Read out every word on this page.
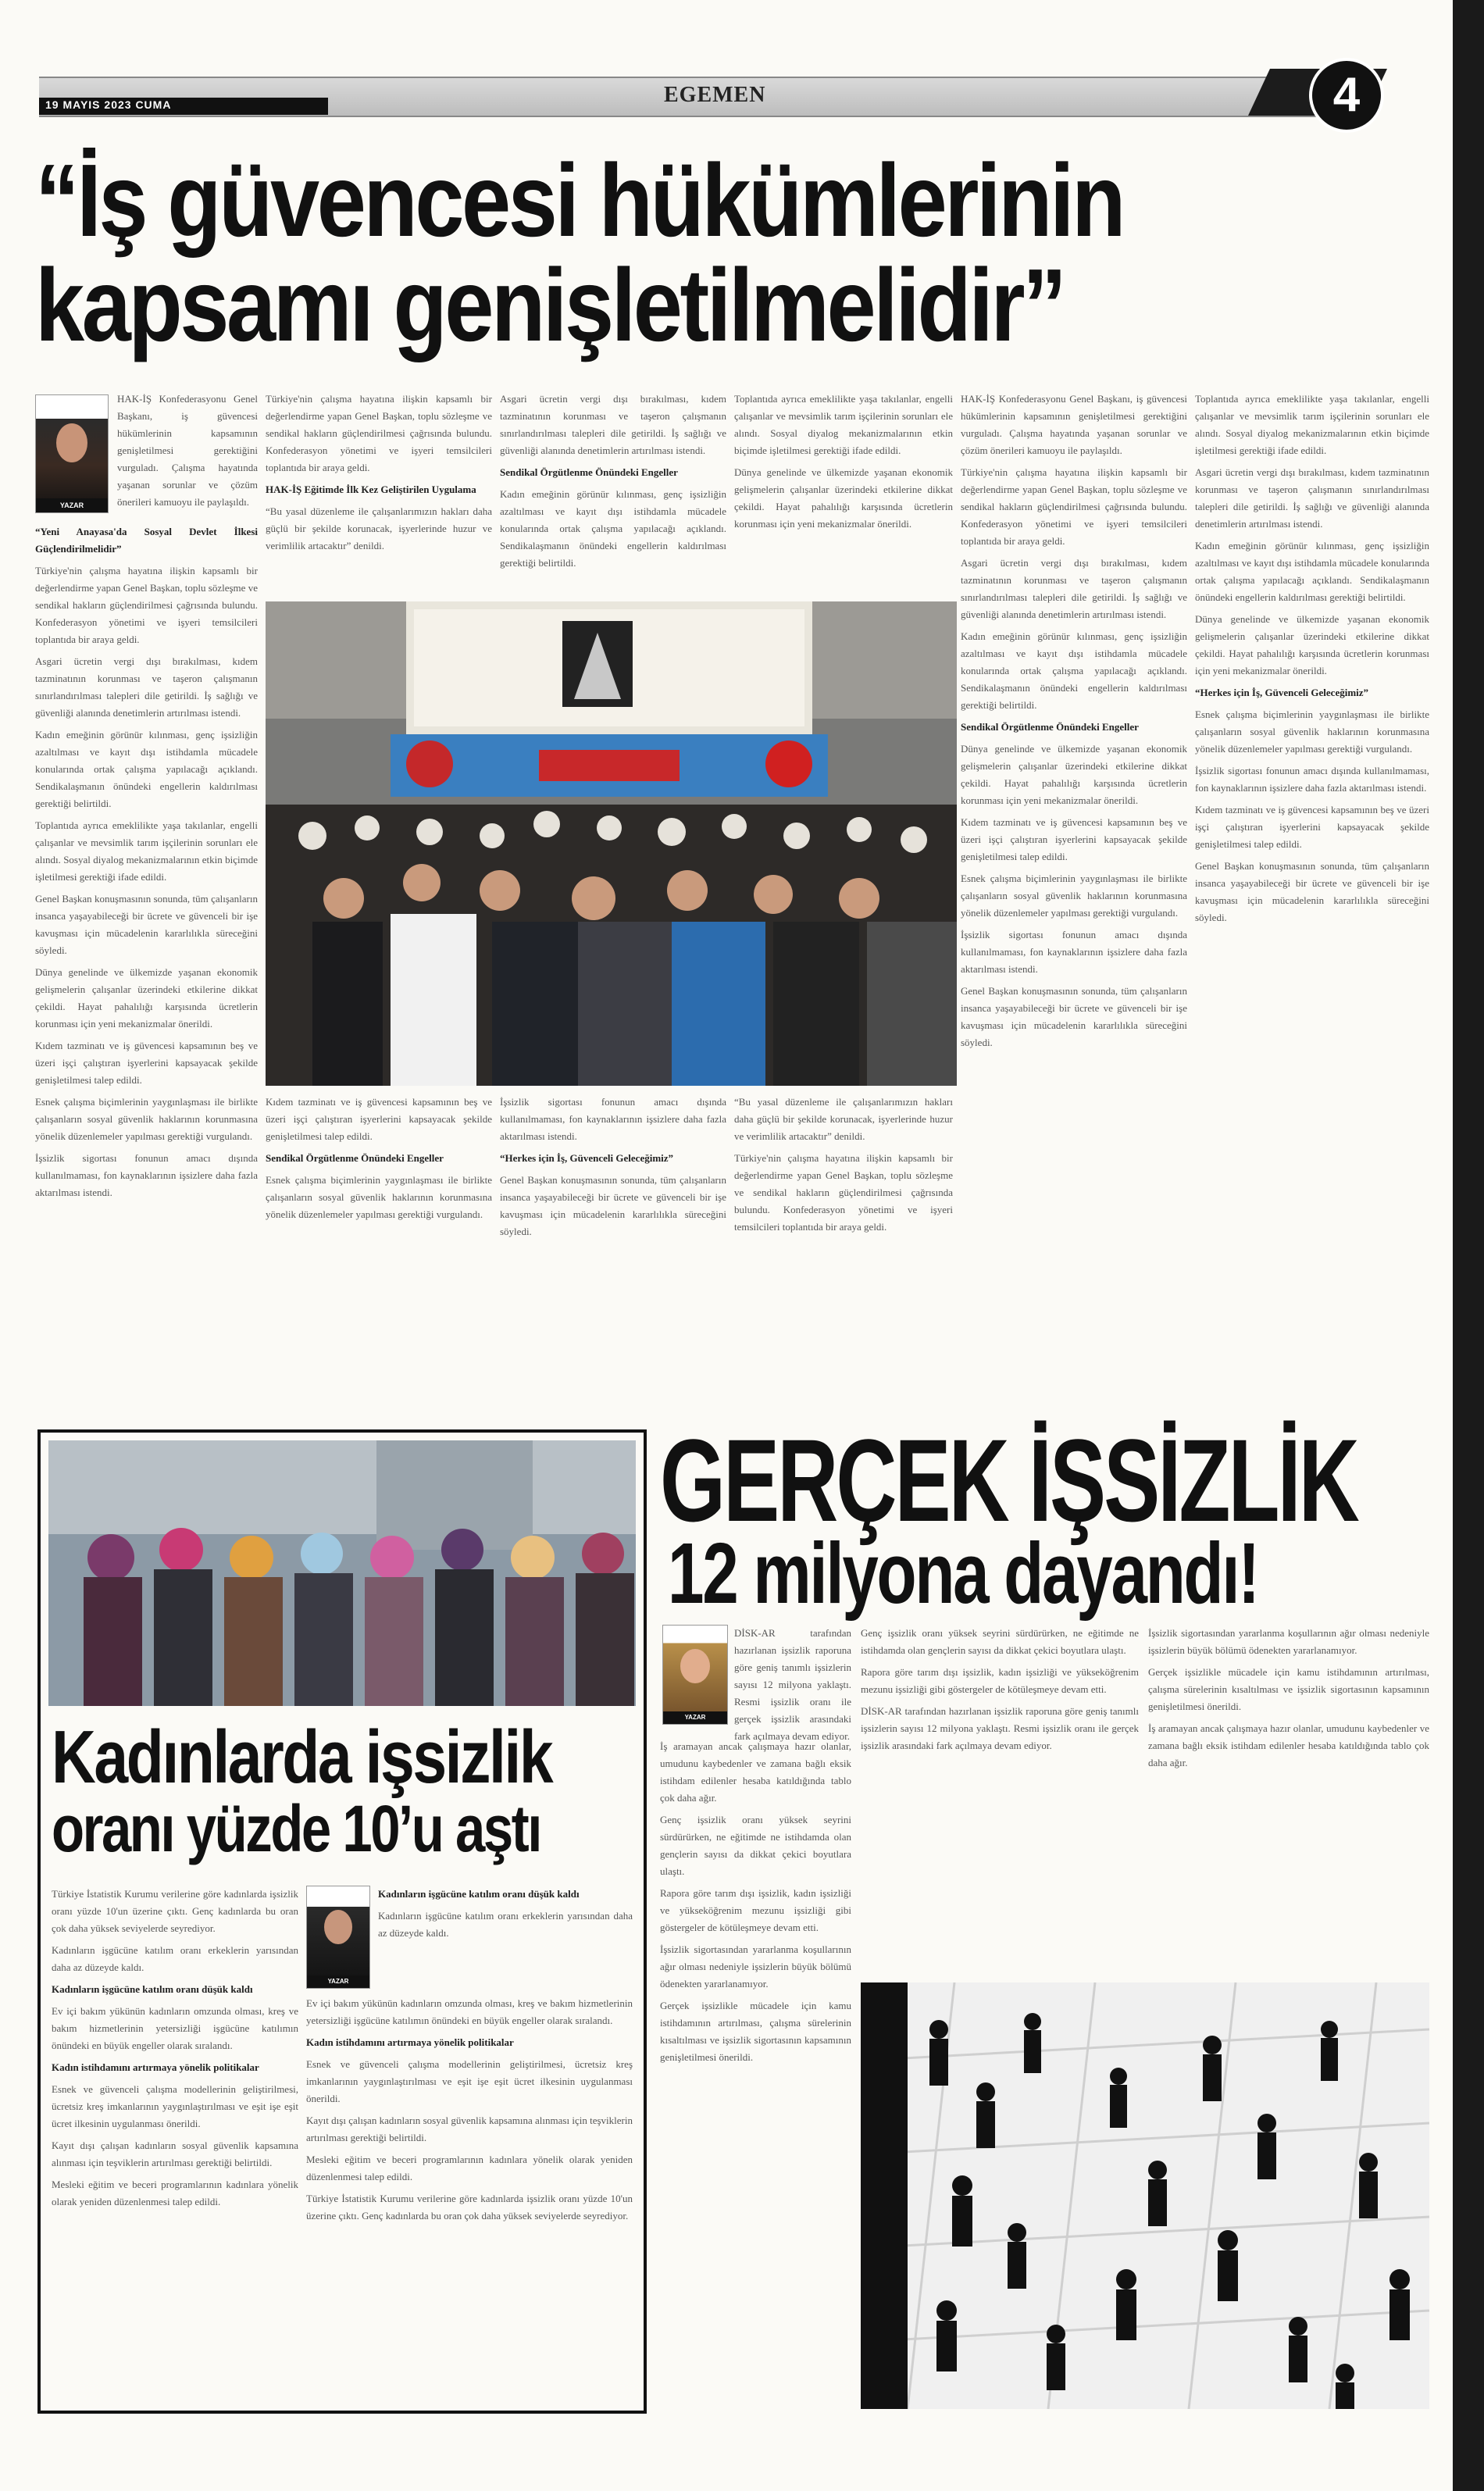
19 MAYIS 2023 CUMA	EGEMEN	4
“İş güvencesi hükümlerinin
kapsamı genişletilmelidir”
YAZAR

HAK-İŞ Konfederasyonu Genel Başkanı, iş güvencesi hükümlerinin kapsamının genişletilmesi gerektiğini vurguladı. Çalışma hayatında yaşanan sorunlar ve çözüm önerileri kamuoyu ile paylaşıldı.

“Yeni Anayasa'da Sosyal Devlet İlkesi Güçlendirilmelidir”

Türkiye'nin çalışma hayatına ilişkin kapsamlı bir değerlendirme yapan Genel Başkan, toplu sözleşme ve sendikal hakların güçlendirilmesi çağrısında bulundu. Konfederasyon yönetimi ve işyeri temsilcileri toplantıda bir araya geldi.

Asgari ücretin vergi dışı bırakılması, kıdem tazminatının korunması ve taşeron çalışmanın sınırlandırılması talepleri dile getirildi. İş sağlığı ve güvenliği alanında denetimlerin artırılması istendi.

Kadın emeğinin görünür kılınması, genç işsizliğin azaltılması ve kayıt dışı istihdamla mücadele konularında ortak çalışma yapılacağı açıklandı. Sendikalaşmanın önündeki engellerin kaldırılması gerektiği belirtildi.

Toplantıda ayrıca emeklilikte yaşa takılanlar, engelli çalışanlar ve mevsimlik tarım işçilerinin sorunları ele alındı. Sosyal diyalog mekanizmalarının etkin biçimde işletilmesi gerektiği ifade edildi.

Genel Başkan konuşmasının sonunda, tüm çalışanların insanca yaşayabileceği bir ücrete ve güvenceli bir işe kavuşması için mücadelenin kararlılıkla süreceğini söyledi.

Dünya genelinde ve ülkemizde yaşanan ekonomik gelişmelerin çalışanlar üzerindeki etkilerine dikkat çekildi. Hayat pahalılığı karşısında ücretlerin korunması için yeni mekanizmalar önerildi.

Kıdem tazminatı ve iş güvencesi kapsamının beş ve üzeri işçi çalıştıran işyerlerini kapsayacak şekilde genişletilmesi talep edildi.

Esnek çalışma biçimlerinin yaygınlaşması ile birlikte çalışanların sosyal güvenlik haklarının korunmasına yönelik düzenlemeler yapılması gerektiği vurgulandı.

İşsizlik sigortası fonunun amacı dışında kullanılmaması, fon kaynaklarının işsizlere daha fazla aktarılması istendi.

Türkiye'nin çalışma hayatına ilişkin kapsamlı bir değerlendirme yapan Genel Başkan, toplu sözleşme ve sendikal hakların güçlendirilmesi çağrısında bulundu. Konfederasyon yönetimi ve işyeri temsilcileri toplantıda bir araya geldi.

HAK-İŞ Eğitimde İlk Kez Geliştirilen Uygulama

“Bu yasal düzenleme ile çalışanlarımızın hakları daha güçlü bir şekilde korunacak, işyerlerinde huzur ve verimlilik artacaktır” denildi.

Asgari ücretin vergi dışı bırakılması, kıdem tazminatının korunması ve taşeron çalışmanın sınırlandırılması talepleri dile getirildi. İş sağlığı ve güvenliği alanında denetimlerin artırılması istendi.

Sendikal Örgütlenme Önündeki Engeller

Kadın emeğinin görünür kılınması, genç işsizliğin azaltılması ve kayıt dışı istihdamla mücadele konularında ortak çalışma yapılacağı açıklandı. Sendikalaşmanın önündeki engellerin kaldırılması gerektiği belirtildi.

Toplantıda ayrıca emeklilikte yaşa takılanlar, engelli çalışanlar ve mevsimlik tarım işçilerinin sorunları ele alındı. Sosyal diyalog mekanizmalarının etkin biçimde işletilmesi gerektiği ifade edildi.

Dünya genelinde ve ülkemizde yaşanan ekonomik gelişmelerin çalışanlar üzerindeki etkilerine dikkat çekildi. Hayat pahalılığı karşısında ücretlerin korunması için yeni mekanizmalar önerildi.

HAK-İŞ Konfederasyonu Genel Başkanı, iş güvencesi hükümlerinin kapsamının genişletilmesi gerektiğini vurguladı. Çalışma hayatında yaşanan sorunlar ve çözüm önerileri kamuoyu ile paylaşıldı.

Türkiye'nin çalışma hayatına ilişkin kapsamlı bir değerlendirme yapan Genel Başkan, toplu sözleşme ve sendikal hakların güçlendirilmesi çağrısında bulundu. Konfederasyon yönetimi ve işyeri temsilcileri toplantıda bir araya geldi.

Asgari ücretin vergi dışı bırakılması, kıdem tazminatının korunması ve taşeron çalışmanın sınırlandırılması talepleri dile getirildi. İş sağlığı ve güvenliği alanında denetimlerin artırılması istendi.

Kadın emeğinin görünür kılınması, genç işsizliğin azaltılması ve kayıt dışı istihdamla mücadele konularında ortak çalışma yapılacağı açıklandı. Sendikalaşmanın önündeki engellerin kaldırılması gerektiği belirtildi.

Sendikal Örgütlenme Önündeki Engeller

Dünya genelinde ve ülkemizde yaşanan ekonomik gelişmelerin çalışanlar üzerindeki etkilerine dikkat çekildi. Hayat pahalılığı karşısında ücretlerin korunması için yeni mekanizmalar önerildi.

Kıdem tazminatı ve iş güvencesi kapsamının beş ve üzeri işçi çalıştıran işyerlerini kapsayacak şekilde genişletilmesi talep edildi.

Esnek çalışma biçimlerinin yaygınlaşması ile birlikte çalışanların sosyal güvenlik haklarının korunmasına yönelik düzenlemeler yapılması gerektiği vurgulandı.

İşsizlik sigortası fonunun amacı dışında kullanılmaması, fon kaynaklarının işsizlere daha fazla aktarılması istendi.

Genel Başkan konuşmasının sonunda, tüm çalışanların insanca yaşayabileceği bir ücrete ve güvenceli bir işe kavuşması için mücadelenin kararlılıkla süreceğini söyledi.

Toplantıda ayrıca emeklilikte yaşa takılanlar, engelli çalışanlar ve mevsimlik tarım işçilerinin sorunları ele alındı. Sosyal diyalog mekanizmalarının etkin biçimde işletilmesi gerektiği ifade edildi.

Asgari ücretin vergi dışı bırakılması, kıdem tazminatının korunması ve taşeron çalışmanın sınırlandırılması talepleri dile getirildi. İş sağlığı ve güvenliği alanında denetimlerin artırılması istendi.

Kadın emeğinin görünür kılınması, genç işsizliğin azaltılması ve kayıt dışı istihdamla mücadele konularında ortak çalışma yapılacağı açıklandı. Sendikalaşmanın önündeki engellerin kaldırılması gerektiği belirtildi.

Dünya genelinde ve ülkemizde yaşanan ekonomik gelişmelerin çalışanlar üzerindeki etkilerine dikkat çekildi. Hayat pahalılığı karşısında ücretlerin korunması için yeni mekanizmalar önerildi.

“Herkes için İş, Güvenceli Geleceğimiz”

Esnek çalışma biçimlerinin yaygınlaşması ile birlikte çalışanların sosyal güvenlik haklarının korunmasına yönelik düzenlemeler yapılması gerektiği vurgulandı.

İşsizlik sigortası fonunun amacı dışında kullanılmaması, fon kaynaklarının işsizlere daha fazla aktarılması istendi.

Kıdem tazminatı ve iş güvencesi kapsamının beş ve üzeri işçi çalıştıran işyerlerini kapsayacak şekilde genişletilmesi talep edildi.

Genel Başkan konuşmasının sonunda, tüm çalışanların insanca yaşayabileceği bir ücrete ve güvenceli bir işe kavuşması için mücadelenin kararlılıkla süreceğini söyledi.

Kıdem tazminatı ve iş güvencesi kapsamının beş ve üzeri işçi çalıştıran işyerlerini kapsayacak şekilde genişletilmesi talep edildi.

Sendikal Örgütlenme Önündeki Engeller

Esnek çalışma biçimlerinin yaygınlaşması ile birlikte çalışanların sosyal güvenlik haklarının korunmasına yönelik düzenlemeler yapılması gerektiği vurgulandı.

İşsizlik sigortası fonunun amacı dışında kullanılmaması, fon kaynaklarının işsizlere daha fazla aktarılması istendi.

“Herkes için İş, Güvenceli Geleceğimiz”

Genel Başkan konuşmasının sonunda, tüm çalışanların insanca yaşayabileceği bir ücrete ve güvenceli bir işe kavuşması için mücadelenin kararlılıkla süreceğini söyledi.

“Bu yasal düzenleme ile çalışanlarımızın hakları daha güçlü bir şekilde korunacak, işyerlerinde huzur ve verimlilik artacaktır” denildi.

Türkiye'nin çalışma hayatına ilişkin kapsamlı bir değerlendirme yapan Genel Başkan, toplu sözleşme ve sendikal hakların güçlendirilmesi çağrısında bulundu. Konfederasyon yönetimi ve işyeri temsilcileri toplantıda bir araya geldi.

Kadınlarda işsizlik
oranı yüzde 10’u aştı

Türkiye İstatistik Kurumu verilerine göre kadınlarda işsizlik oranı yüzde 10'un üzerine çıktı. Genç kadınlarda bu oran çok daha yüksek seviyelerde seyrediyor.

Kadınların işgücüne katılım oranı erkeklerin yarısından daha az düzeyde kaldı.

Kadınların işgücüne katılım oranı düşük kaldı

Ev içi bakım yükünün kadınların omzunda olması, kreş ve bakım hizmetlerinin yetersizliği işgücüne katılımın önündeki en büyük engeller olarak sıralandı.

Kadın istihdamını artırmaya yönelik politikalar

Esnek ve güvenceli çalışma modellerinin geliştirilmesi, ücretsiz kreş imkanlarının yaygınlaştırılması ve eşit işe eşit ücret ilkesinin uygulanması önerildi.

Kayıt dışı çalışan kadınların sosyal güvenlik kapsamına alınması için teşviklerin artırılması gerektiği belirtildi.

Mesleki eğitim ve beceri programlarının kadınlara yönelik olarak yeniden düzenlenmesi talep edildi.

YAZAR

Kadınların işgücüne katılım oranı düşük kaldı

Kadınların işgücüne katılım oranı erkeklerin yarısından daha az düzeyde kaldı.

Ev içi bakım yükünün kadınların omzunda olması, kreş ve bakım hizmetlerinin yetersizliği işgücüne katılımın önündeki en büyük engeller olarak sıralandı.

Kadın istihdamını artırmaya yönelik politikalar

Esnek ve güvenceli çalışma modellerinin geliştirilmesi, ücretsiz kreş imkanlarının yaygınlaştırılması ve eşit işe eşit ücret ilkesinin uygulanması önerildi.

Kayıt dışı çalışan kadınların sosyal güvenlik kapsamına alınması için teşviklerin artırılması gerektiği belirtildi.

Mesleki eğitim ve beceri programlarının kadınlara yönelik olarak yeniden düzenlenmesi talep edildi.

Türkiye İstatistik Kurumu verilerine göre kadınlarda işsizlik oranı yüzde 10'un üzerine çıktı. Genç kadınlarda bu oran çok daha yüksek seviyelerde seyrediyor.

GERÇEK İŞSİZLİK
12 milyona dayandı!
YAZAR

DİSK-AR tarafından hazırlanan işsizlik raporuna göre geniş tanımlı işsizlerin sayısı 12 milyona yaklaştı. Resmi işsizlik oranı ile gerçek işsizlik arasındaki fark açılmaya devam ediyor.

İş aramayan ancak çalışmaya hazır olanlar, umudunu kaybedenler ve zamana bağlı eksik istihdam edilenler hesaba katıldığında tablo çok daha ağır.

Genç işsizlik oranı yüksek seyrini sürdürürken, ne eğitimde ne istihdamda olan gençlerin sayısı da dikkat çekici boyutlara ulaştı.

Rapora göre tarım dışı işsizlik, kadın işsizliği ve yükseköğrenim mezunu işsizliği gibi göstergeler de kötüleşmeye devam etti.

İşsizlik sigortasından yararlanma koşullarının ağır olması nedeniyle işsizlerin büyük bölümü ödenekten yararlanamıyor.

Gerçek işsizlikle mücadele için kamu istihdamının artırılması, çalışma sürelerinin kısaltılması ve işsizlik sigortasının kapsamının genişletilmesi önerildi.

Genç işsizlik oranı yüksek seyrini sürdürürken, ne eğitimde ne istihdamda olan gençlerin sayısı da dikkat çekici boyutlara ulaştı.

Rapora göre tarım dışı işsizlik, kadın işsizliği ve yükseköğrenim mezunu işsizliği gibi göstergeler de kötüleşmeye devam etti.

DİSK-AR tarafından hazırlanan işsizlik raporuna göre geniş tanımlı işsizlerin sayısı 12 milyona yaklaştı. Resmi işsizlik oranı ile gerçek işsizlik arasındaki fark açılmaya devam ediyor.

İşsizlik sigortasından yararlanma koşullarının ağır olması nedeniyle işsizlerin büyük bölümü ödenekten yararlanamıyor.

Gerçek işsizlikle mücadele için kamu istihdamının artırılması, çalışma sürelerinin kısaltılması ve işsizlik sigortasının kapsamının genişletilmesi önerildi.

İş aramayan ancak çalışmaya hazır olanlar, umudunu kaybedenler ve zamana bağlı eksik istihdam edilenler hesaba katıldığında tablo çok daha ağır.
